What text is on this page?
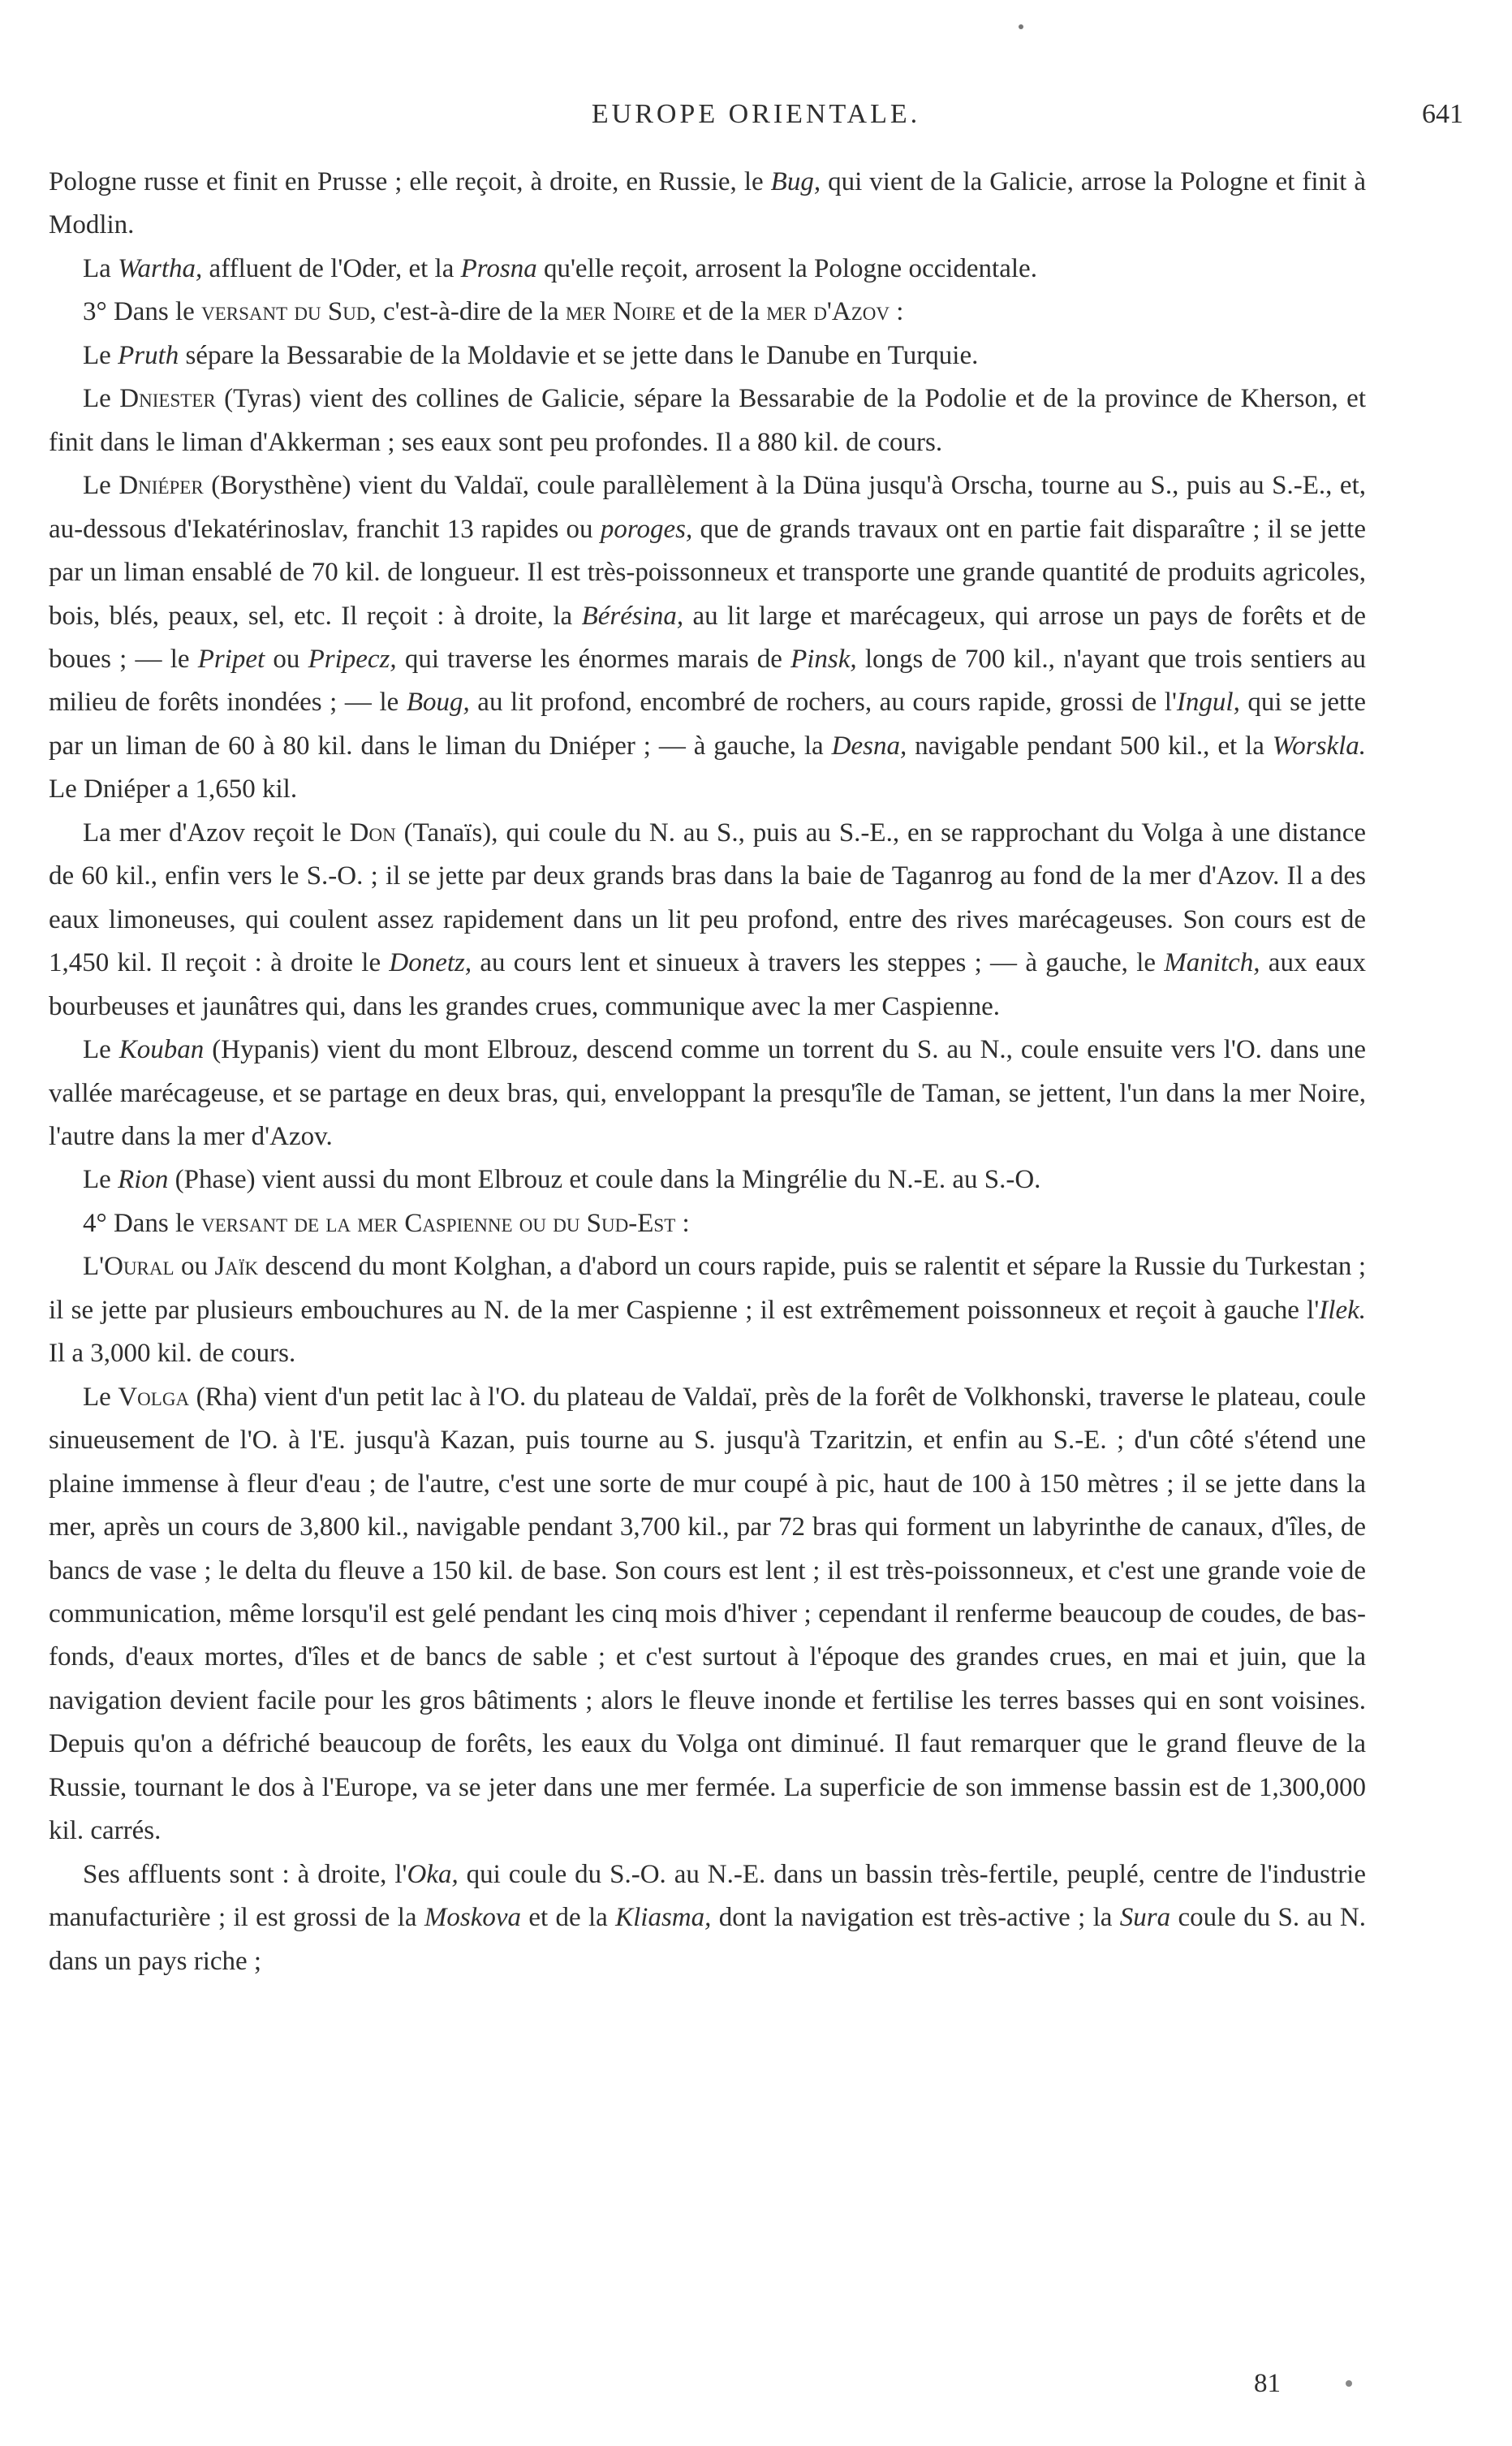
EUROPE ORIENTALE.	641

Pologne russe et finit en Prusse ; elle reçoit, à droite, en Russie, le Bug, qui vient de la Galicie, arrose la Pologne et finit à Modlin.

La Wartha, affluent de l'Oder, et la Prosna qu'elle reçoit, arrosent la Pologne occidentale.

3° Dans le versant du Sud, c'est-à-dire de la mer Noire et de la mer d'Azov :

Le Pruth sépare la Bessarabie de la Moldavie et se jette dans le Danube en Turquie.

Le Dniester (Tyras) vient des collines de Galicie, sépare la Bessarabie de la Podolie et de la province de Kherson, et finit dans le liman d'Akkerman ; ses eaux sont peu profondes. Il a 880 kil. de cours.

Le Dniéper (Borysthène) vient du Valdaï, coule parallèlement à la Düna jusqu'à Orscha, tourne au S., puis au S.-E., et, au-dessous d'Iekatérinoslav, franchit 13 rapides ou poroges, que de grands travaux ont en partie fait disparaître ; il se jette par un liman ensablé de 70 kil. de longueur. Il est très-poissonneux et transporte une grande quantité de produits agricoles, bois, blés, peaux, sel, etc. Il reçoit : à droite, la Bérésina, au lit large et marécageux, qui arrose un pays de forêts et de boues ; — le Pripet ou Pripecz, qui traverse les énormes marais de Pinsk, longs de 700 kil., n'ayant que trois sentiers au milieu de forêts inondées ; — le Boug, au lit profond, encombré de rochers, au cours rapide, grossi de l'Ingul, qui se jette par un liman de 60 à 80 kil. dans le liman du Dniéper ; — à gauche, la Desna, navigable pendant 500 kil., et la Worskla. Le Dniéper a 1,650 kil.

La mer d'Azov reçoit le Don (Tanaïs), qui coule du N. au S., puis au S.-E., en se rapprochant du Volga à une distance de 60 kil., enfin vers le S.-O. ; il se jette par deux grands bras dans la baie de Taganrog au fond de la mer d'Azov. Il a des eaux limoneuses, qui coulent assez rapidement dans un lit peu profond, entre des rives marécageuses. Son cours est de 1,450 kil. Il reçoit : à droite le Donetz, au cours lent et sinueux à travers les steppes ; — à gauche, le Manitch, aux eaux bourbeuses et jaunâtres qui, dans les grandes crues, communique avec la mer Caspienne.

Le Kouban (Hypanis) vient du mont Elbrouz, descend comme un torrent du S. au N., coule ensuite vers l'O. dans une vallée marécageuse, et se partage en deux bras, qui, enveloppant la presqu'île de Taman, se jettent, l'un dans la mer Noire, l'autre dans la mer d'Azov.

Le Rion (Phase) vient aussi du mont Elbrouz et coule dans la Mingrélie du N.-E. au S.-O.

4° Dans le versant de la mer Caspienne ou du Sud-Est :

L'Oural ou Jaïk descend du mont Kolghan, a d'abord un cours rapide, puis se ralentit et sépare la Russie du Turkestan ; il se jette par plusieurs embouchures au N. de la mer Caspienne ; il est extrêmement poissonneux et reçoit à gauche l'Ilek. Il a 3,000 kil. de cours.

Le Volga (Rha) vient d'un petit lac à l'O. du plateau de Valdaï, près de la forêt de Volkhonski, traverse le plateau, coule sinueusement de l'O. à l'E. jusqu'à Kazan, puis tourne au S. jusqu'à Tzaritzin, et enfin au S.-E. ; d'un côté s'étend une plaine immense à fleur d'eau ; de l'autre, c'est une sorte de mur coupé à pic, haut de 100 à 150 mètres ; il se jette dans la mer, après un cours de 3,800 kil., navigable pendant 3,700 kil., par 72 bras qui forment un labyrinthe de canaux, d'îles, de bancs de vase ; le delta du fleuve a 150 kil. de base. Son cours est lent ; il est très-poissonneux, et c'est une grande voie de communication, même lorsqu'il est gelé pendant les cinq mois d'hiver ; cependant il renferme beaucoup de coudes, de bas-fonds, d'eaux mortes, d'îles et de bancs de sable ; et c'est surtout à l'époque des grandes crues, en mai et juin, que la navigation devient facile pour les gros bâtiments ; alors le fleuve inonde et fertilise les terres basses qui en sont voisines. Depuis qu'on a défriché beaucoup de forêts, les eaux du Volga ont diminué. Il faut remarquer que le grand fleuve de la Russie, tournant le dos à l'Europe, va se jeter dans une mer fermée. La superficie de son immense bassin est de 1,300,000 kil. carrés.

Ses affluents sont : à droite, l'Oka, qui coule du S.-O. au N.-E. dans un bassin très-fertile, peuplé, centre de l'industrie manufacturière ; il est grossi de la Moskova et de la Kliasma, dont la navigation est très-active ; la Sura coule du S. au N. dans un pays riche ;

81
